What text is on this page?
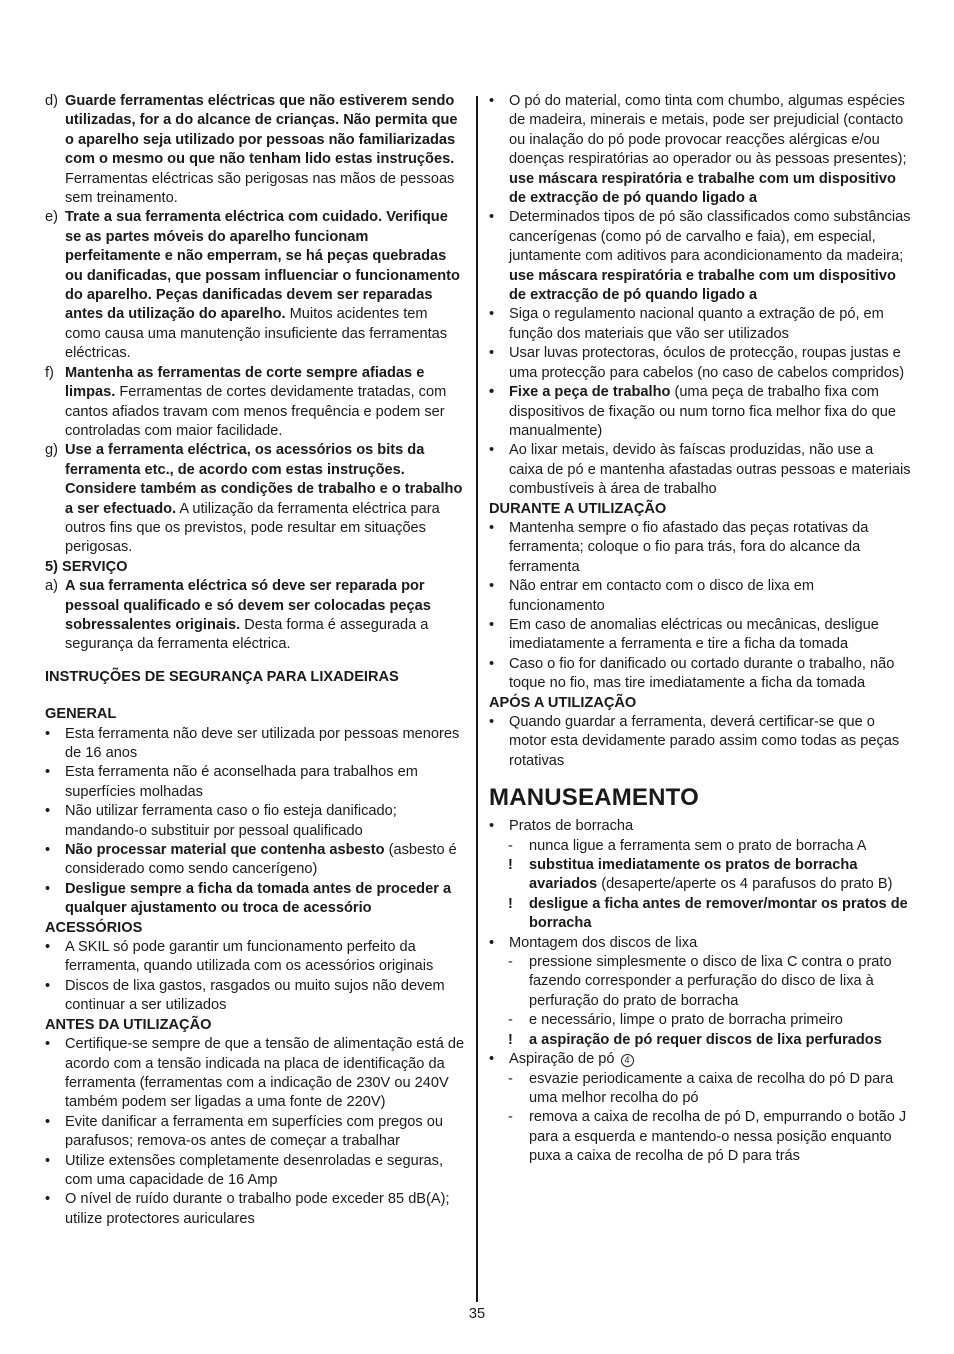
d) Guarde ferramentas eléctricas que não estiverem sendo utilizadas, for a do alcance de crianças. Não permita que o aparelho seja utilizado por pessoas não familiarizadas com o mesmo ou que não tenham lido estas instruções. Ferramentas eléctricas são perigosas nas mãos de pessoas sem treinamento.
e) Trate a sua ferramenta eléctrica com cuidado. Verifique se as partes móveis do aparelho funcionam perfeitamente e não emperram, se há peças quebradas ou danificadas, que possam influenciar o funcionamento do aparelho. Peças danificadas devem ser reparadas antes da utilização do aparelho. Muitos acidentes tem como causa uma manutenção insuficiente das ferramentas eléctricas.
f) Mantenha as ferramentas de corte sempre afiadas e limpas. Ferramentas de cortes devidamente tratadas, com cantos afiados travam com menos frequência e podem ser controladas com maior facilidade.
g) Use a ferramenta eléctrica, os acessórios os bits da ferramenta etc., de acordo com estas instruções. Considere também as condições de trabalho e o trabalho a ser efectuado. A utilização da ferramenta eléctrica para outros fins que os previstos, pode resultar em situações perigosas.

5) SERVIÇO

a) A sua ferramenta eléctrica só deve ser reparada por pessoal qualificado e só devem ser colocadas peças sobressalentes originais. Desta forma é assegurada a segurança da ferramenta eléctrica.

INSTRUÇÕES DE SEGURANÇA PARA LIXADEIRAS

GENERAL

• Esta ferramenta não deve ser utilizada por pessoas menores de 16 anos
• Esta ferramenta não é aconselhada para trabalhos em superfícies molhadas
• Não utilizar ferramenta caso o fio esteja danificado; mandando-o substituir por pessoal qualificado
• Não processar material que contenha asbesto (asbesto é considerado como sendo cancerígeno)
• Desligue sempre a ficha da tomada antes de proceder a qualquer ajustamento ou troca de acessório

ACESSÓRIOS

• A SKIL só pode garantir um funcionamento perfeito da ferramenta, quando utilizada com os acessórios originais
• Discos de lixa gastos, rasgados ou muito sujos não devem continuar a ser utilizados

ANTES DA UTILIZAÇÃO

• Certifique-se sempre de que a tensão de alimentação está de acordo com a tensão indicada na placa de identificação da ferramenta (ferramentas com a indicação de 230V ou 240V também podem ser ligadas a uma fonte de 220V)
• Evite danificar a ferramenta em superfícies com pregos ou parafusos; remova-os antes de começar a trabalhar
• Utilize extensões completamente desenroladas e seguras, com uma capacidade de 16 Amp
• O nível de ruído durante o trabalho pode exceder 85 dB(A); utilize protectores auriculares
• O pó do material, como tinta com chumbo, algumas espécies de madeira, minerais e metais, pode ser prejudicial (contacto ou inalação do pó pode provocar reacções alérgicas e/ou doenças respiratórias ao operador ou às pessoas presentes); use máscara respiratória e trabalhe com um dispositivo de extracção de pó quando ligado a
• Determinados tipos de pó são classificados como substâncias cancerígenas (como pó de carvalho e faia), em especial, juntamente com aditivos para acondicionamento da madeira; use máscara respiratória e trabalhe com um dispositivo de extracção de pó quando ligado a
• Siga o regulamento nacional quanto a extração de pó, em função dos materiais que vão ser utilizados
• Usar luvas protectoras, óculos de protecção, roupas justas e uma protecção para cabelos (no caso de cabelos compridos)
• Fixe a peça de trabalho (uma peça de trabalho fixa com dispositivos de fixação ou num torno fica melhor fixa do que manualmente)
• Ao lixar metais, devido às faíscas produzidas, não use a caixa de pó e mantenha afastadas outras pessoas e materiais combustíveis à área de trabalho

DURANTE A UTILIZAÇÃO

• Mantenha sempre o fio afastado das peças rotativas da ferramenta; coloque o fio para trás, fora do alcance da ferramenta
• Não entrar em contacto com o disco de lixa em funcionamento
• Em caso de anomalias eléctricas ou mecânicas, desligue imediatamente a ferramenta e tire a ficha da tomada
• Caso o fio for danificado ou cortado durante o trabalho, não toque no fio, mas tire imediatamente a ficha da tomada

APÓS A UTILIZAÇÃO

• Quando guardar a ferramenta, deverá certificar-se que o motor esta devidamente parado assim como todas as peças rotativas

MANUSEAMENTO

• Pratos de borracha
- nunca ligue a ferramenta sem o prato de borracha A
! substitua imediatamente os pratos de borracha avariados (desaperte/aperte os 4 parafusos do prato B)
! desligue a ficha antes de remover/montar os pratos de borracha
• Montagem dos discos de lixa
- pressione simplesmente o disco de lixa C contra o prato fazendo corresponder a perfuração do disco de lixa à perfuração do prato de borracha
- e necessário, limpe o prato de borracha primeiro
! a aspiração de pó requer discos de lixa perfurados
• Aspiração de pó 4
- esvazie periodicamente a caixa de recolha do pó D para uma melhor recolha do pó
- remova a caixa de recolha de pó D, empurrando o botão J para a esquerda e mantendo-o nessa posição enquanto puxa a caixa de recolha de pó D para trás
35
